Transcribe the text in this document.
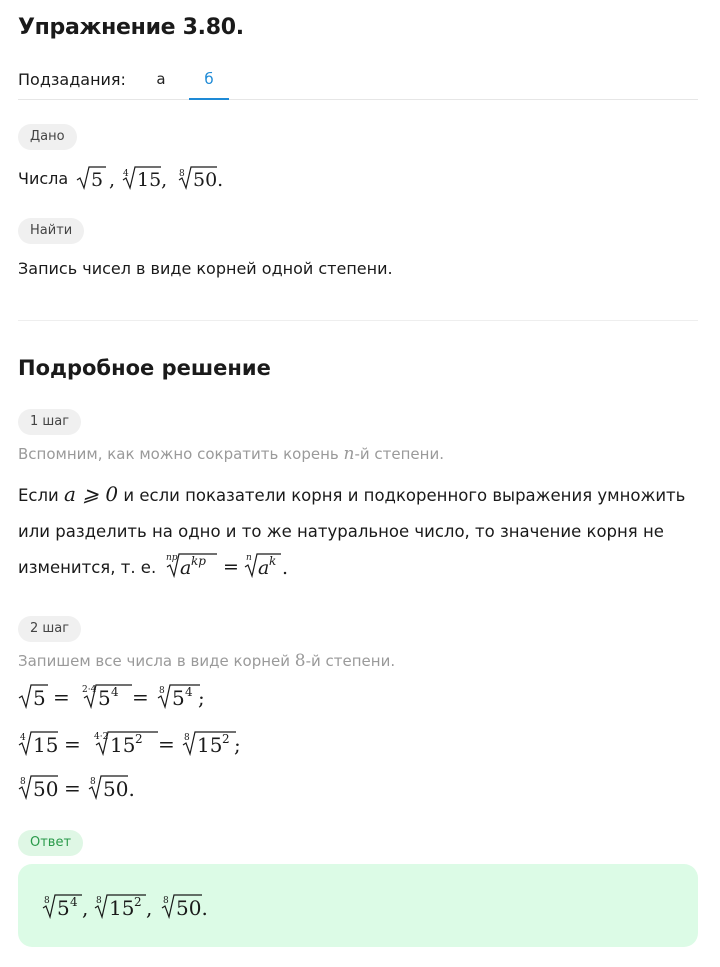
Упражнение 3.80.
Подзадания:	а	б
Дано
Числа 5 , 4 15, 8 50.
Найти
Запись чисел в виде корней одной степени.
Подробное решение
1 шаг
Вспомним, как можно сократить корень n-й степени.
Если a ⩾ 0 и если показатели корня и подкоренного выражения умножить
или разделить на одно и то же натуральное число, то значение корня не
изменится, т. е. np a kp = n a k .
2 шаг
Запишем все числа в виде корней 8-й степени.
5 = 2·4 5 4 = 8 5 4 ;
4 15 = 4·2 15 2 = 8 15 2 ;
8 50 = 8 50.
Ответ
8 5 4 , 8 15 2 , 8 50.
